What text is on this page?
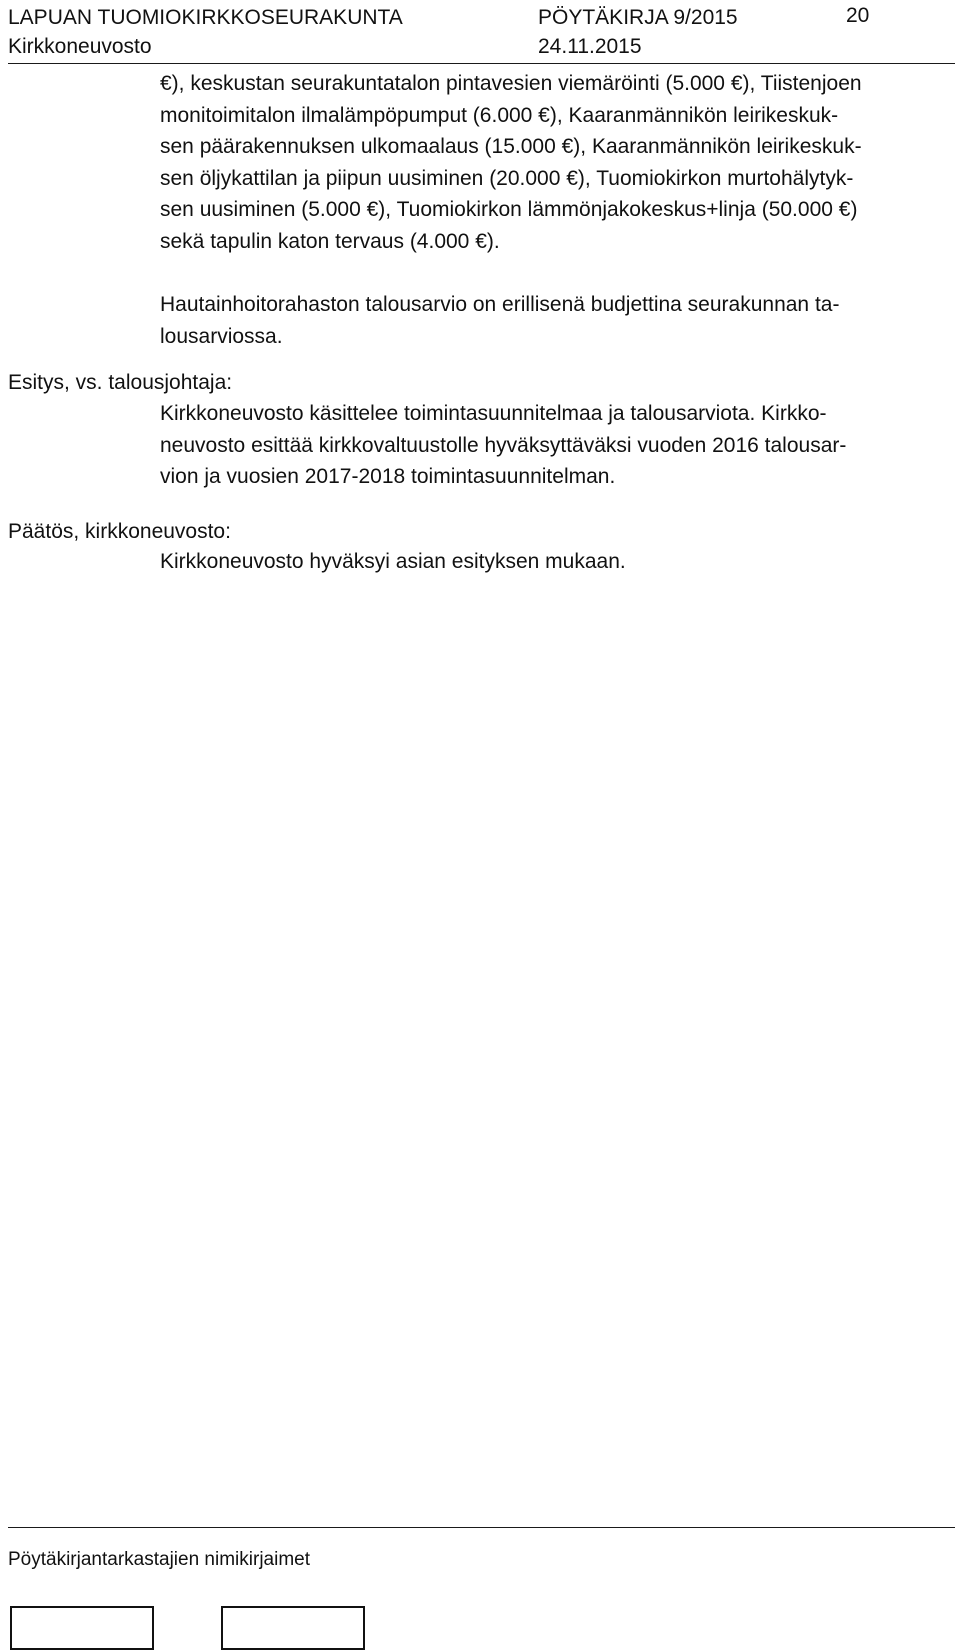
LAPUAN TUOMIOKIRKKOSEURAKUNTA	PÖYTÄKIRJA 9/2015	20
Kirkkoneuvosto	24.11.2015
€), keskustan seurakuntatalon pintavesien viemäröinti (5.000 €), Tiistenjoen
monitoimitalon ilmalämpöpumput (6.000 €), Kaaranmännikön leirikeskuk-
sen päärakennuksen ulkomaalaus (15.000 €), Kaaranmännikön leirikeskuk-
sen öljykattilan ja piipun uusiminen (20.000 €), Tuomiokirkon murtohälytyk-
sen uusiminen (5.000 €), Tuomiokirkon lämmönjakokeskus+linja (50.000 €)
sekä tapulin katon tervaus (4.000 €).
Hautainhoitorahaston talousarvio on erillisenä budjettina seurakunnan ta-
lousarviossa.
Esitys, vs. talousjohtaja:
Kirkkoneuvosto käsittelee toimintasuunnitelmaa ja talousarviota. Kirkko-
neuvosto esittää kirkkovaltuustolle hyväksyttäväksi vuoden 2016 talousar-
vion ja vuosien 2017-2018 toimintasuunnitelman.
Päätös, kirkkoneuvosto:
Kirkkoneuvosto hyväksyi asian esityksen mukaan.
Pöytäkirjantarkastajien nimikirjaimet
